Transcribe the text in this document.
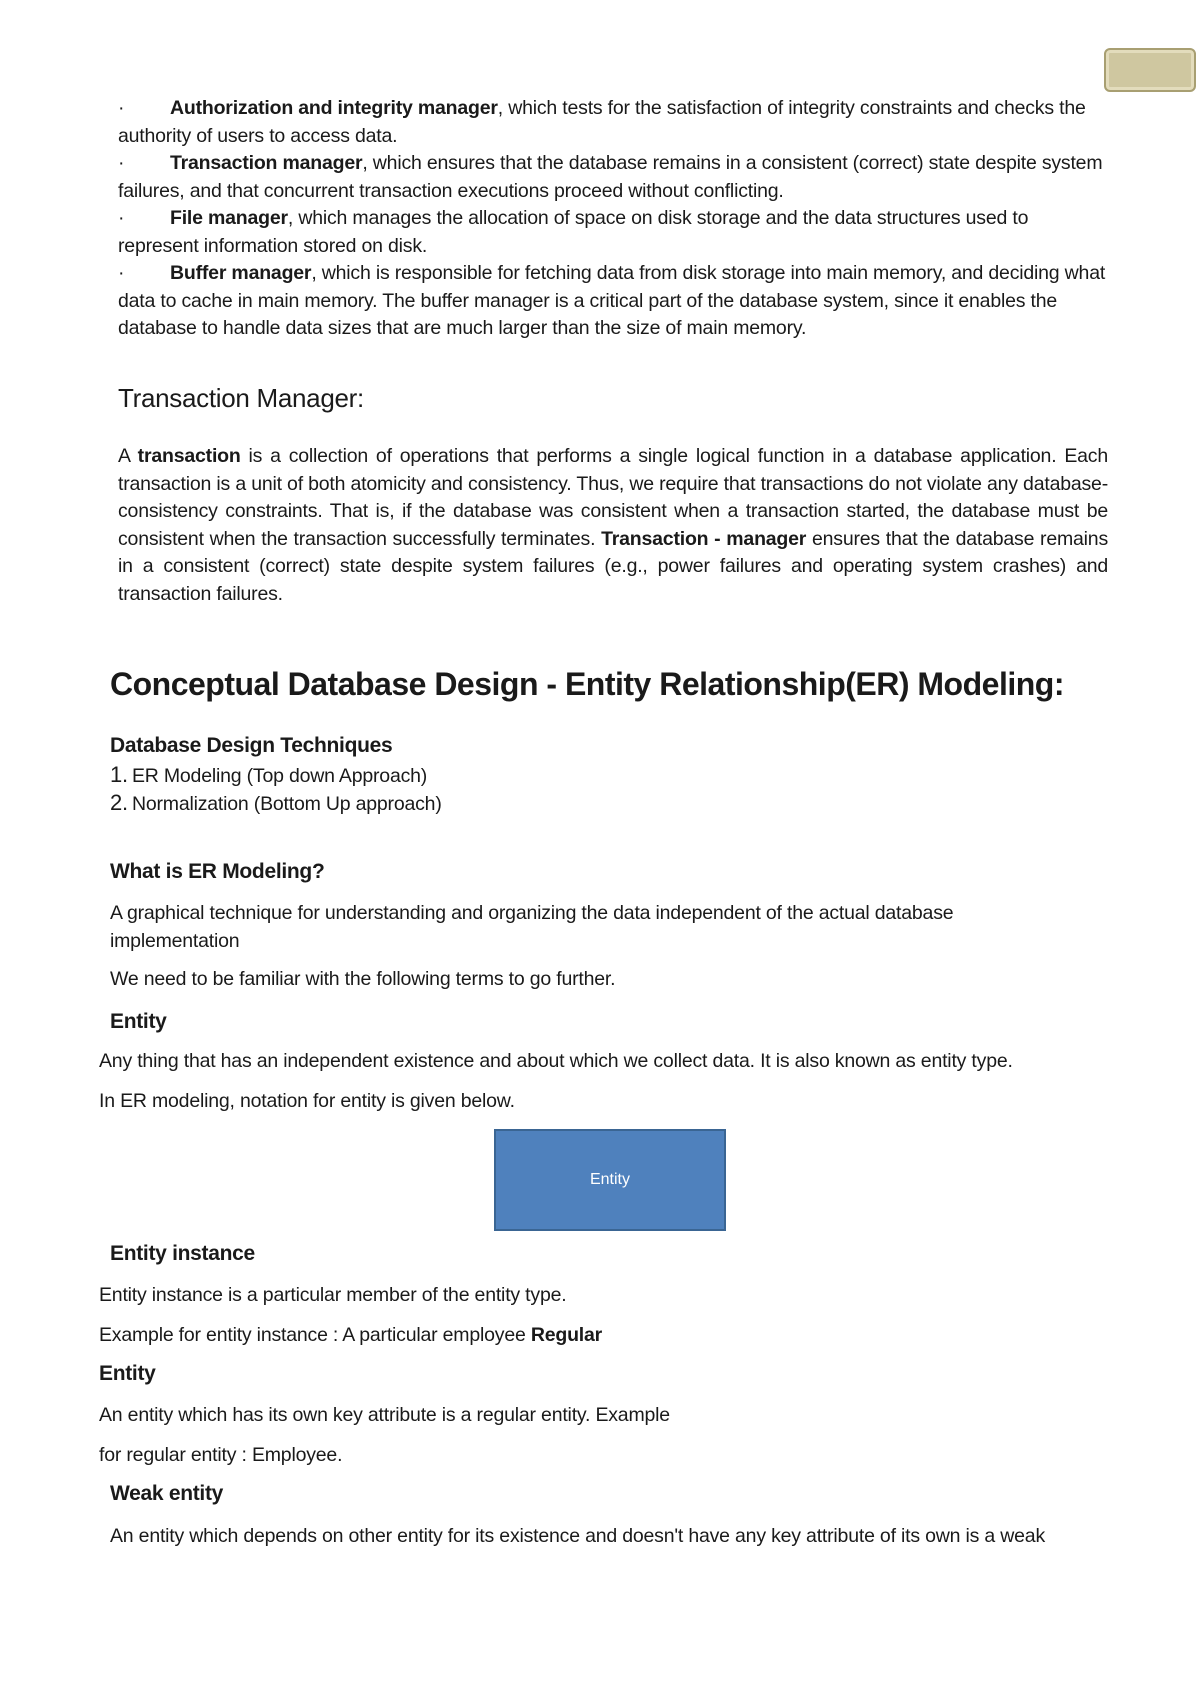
· Authorization and integrity manager, which tests for the satisfaction of integrity constraints and checks the authority of users to access data.
· Transaction manager, which ensures that the database remains in a consistent (correct) state despite system failures, and that concurrent transaction executions proceed without conflicting.
· File manager, which manages the allocation of space on disk storage and the data structures used to represent information stored on disk.
· Buffer manager, which is responsible for fetching data from disk storage into main memory, and deciding what data to cache in main memory. The buffer manager is a critical part of the database system, since it enables the database to handle data sizes that are much larger than the size of main memory.
Transaction Manager:
A transaction is a collection of operations that performs a single logical function in a database application. Each transaction is a unit of both atomicity and consistency. Thus, we require that transactions do not violate any database-consistency constraints. That is, if the database was consistent when a transaction started, the database must be consistent when the transaction successfully terminates. Transaction - manager ensures that the database remains in a consistent (correct) state despite system failures (e.g., power failures and operating system crashes) and transaction failures.
Conceptual Database Design - Entity Relationship(ER) Modeling:
Database Design Techniques
1. ER Modeling (Top down Approach)
2. Normalization (Bottom Up approach)
What is ER Modeling?
A graphical technique for understanding and organizing the data independent of the actual database implementation
We need to be familiar with the following terms to go further.
Entity
Any thing that has an independent existence and about which we collect data. It is also known as entity type.
In ER modeling, notation for entity is given below.
Entity
Entity instance
Entity instance is a particular member of the entity type.
Example for entity instance : A particular employee Regular
Entity
An entity which has its own key attribute is a regular entity. Example
for regular entity : Employee.
Weak entity
An entity which depends on other entity for its existence and doesn't have any key attribute of its own is a weak
